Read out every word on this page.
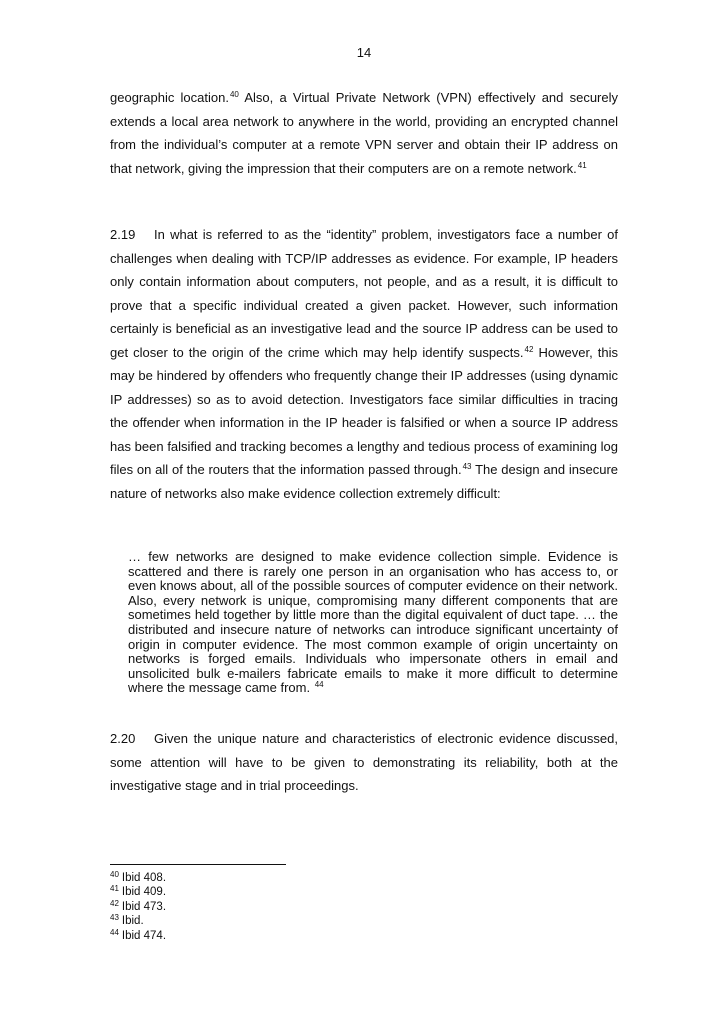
14
geographic location.$^{40}$ Also, a Virtual Private Network (VPN) effectively and securely extends a local area network to anywhere in the world, providing an encrypted channel from the individual’s computer at a remote VPN server and obtain their IP address on that network, giving the impression that their computers are on a remote network.$^{41}$
2.19 In what is referred to as the “identity” problem, investigators face a number of challenges when dealing with TCP/IP addresses as evidence. For example, IP headers only contain information about computers, not people, and as a result, it is difficult to prove that a specific individual created a given packet. However, such information certainly is beneficial as an investigative lead and the source IP address can be used to get closer to the origin of the crime which may help identify suspects.$^{42}$ However, this may be hindered by offenders who frequently change their IP addresses (using dynamic IP addresses) so as to avoid detection. Investigators face similar difficulties in tracing the offender when information in the IP header is falsified or when a source IP address has been falsified and tracking becomes a lengthy and tedious process of examining log files on all of the routers that the information passed through.$^{43}$ The design and insecure nature of networks also make evidence collection extremely difficult:
… few networks are designed to make evidence collection simple. Evidence is scattered and there is rarely one person in an organisation who has access to, or even knows about, all of the possible sources of computer evidence on their network. Also, every network is unique, compromising many different components that are sometimes held together by little more than the digital equivalent of duct tape. … the distributed and insecure nature of networks can introduce significant uncertainty of origin in computer evidence. The most common example of origin uncertainty on networks is forged emails. Individuals who impersonate others in email and unsolicited bulk e-mailers fabricate emails to make it more difficult to determine where the message came from. $^{44}$
2.20 Given the unique nature and characteristics of electronic evidence discussed, some attention will have to be given to demonstrating its reliability, both at the investigative stage and in trial proceedings.
$^{40}$ Ibid 408.
$^{41}$ Ibid 409.
$^{42}$ Ibid 473.
$^{43}$ Ibid.
$^{44}$ Ibid 474.
